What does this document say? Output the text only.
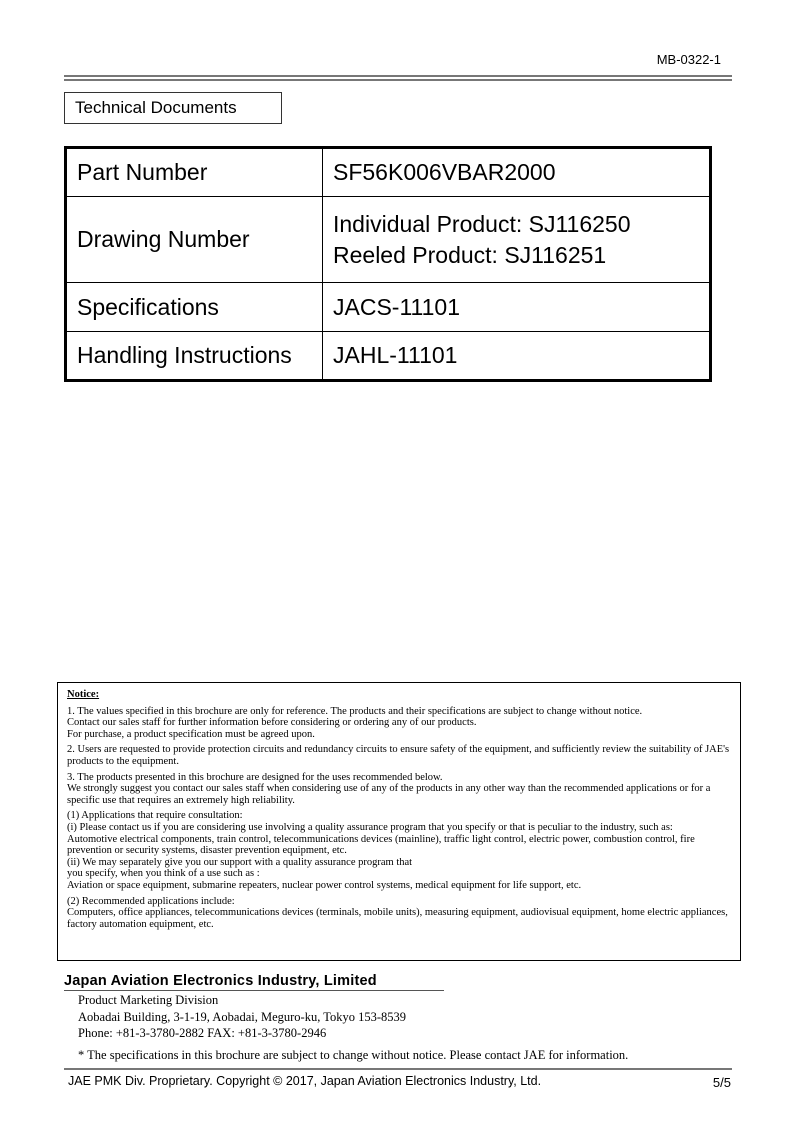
MB-0322-1
Technical Documents
Part Number	SF56K006VBAR2000

Drawing Number	Individual Product: SJ116250
Reeled Product: SJ116251

Specifications	JACS-11101

Handling Instructions	JAHL-11101

Notice:

1. The values specified in this brochure are only for reference. The products and their specifications are subject to change without notice.
Contact our sales staff for further information before considering or ordering any of our products.
For purchase, a product specification must be agreed upon.

2. Users are requested to provide protection circuits and redundancy circuits to ensure safety of the equipment, and sufficiently review the suitability of JAE's products to the equipment.

3. The products presented in this brochure are designed for the uses recommended below.
We strongly suggest you contact our sales staff when considering use of any of the products in any other way than the recommended applications or for a specific use that requires an extremely high reliability.

(1) Applications that require consultation:
(i) Please contact us if you are considering use involving a quality assurance program that you specify or that is peculiar to the industry, such as:
Automotive electrical components, train control, telecommunications devices (mainline), traffic light control, electric power, combustion control, fire prevention or security systems, disaster prevention equipment, etc.
(ii) We may separately give you our support with a quality assurance program that
you specify, when you think of a use such as :
Aviation or space equipment, submarine repeaters, nuclear power control systems, medical equipment for life support, etc.

(2) Recommended applications include:
Computers, office appliances, telecommunications devices (terminals, mobile units), measuring equipment, audiovisual equipment, home electric appliances, factory automation equipment, etc.

Japan Aviation Electronics Industry, Limited
Product Marketing Division
Aobadai Building, 3-1-19, Aobadai, Meguro-ku, Tokyo 153-8539
Phone: +81-3-3780-2882 FAX: +81-3-3780-2946
* The specifications in this brochure are subject to change without notice. Please contact JAE for information.
JAE PMK Div. Proprietary. Copyright © 2017, Japan Aviation Electronics Industry, Ltd.	5/5
